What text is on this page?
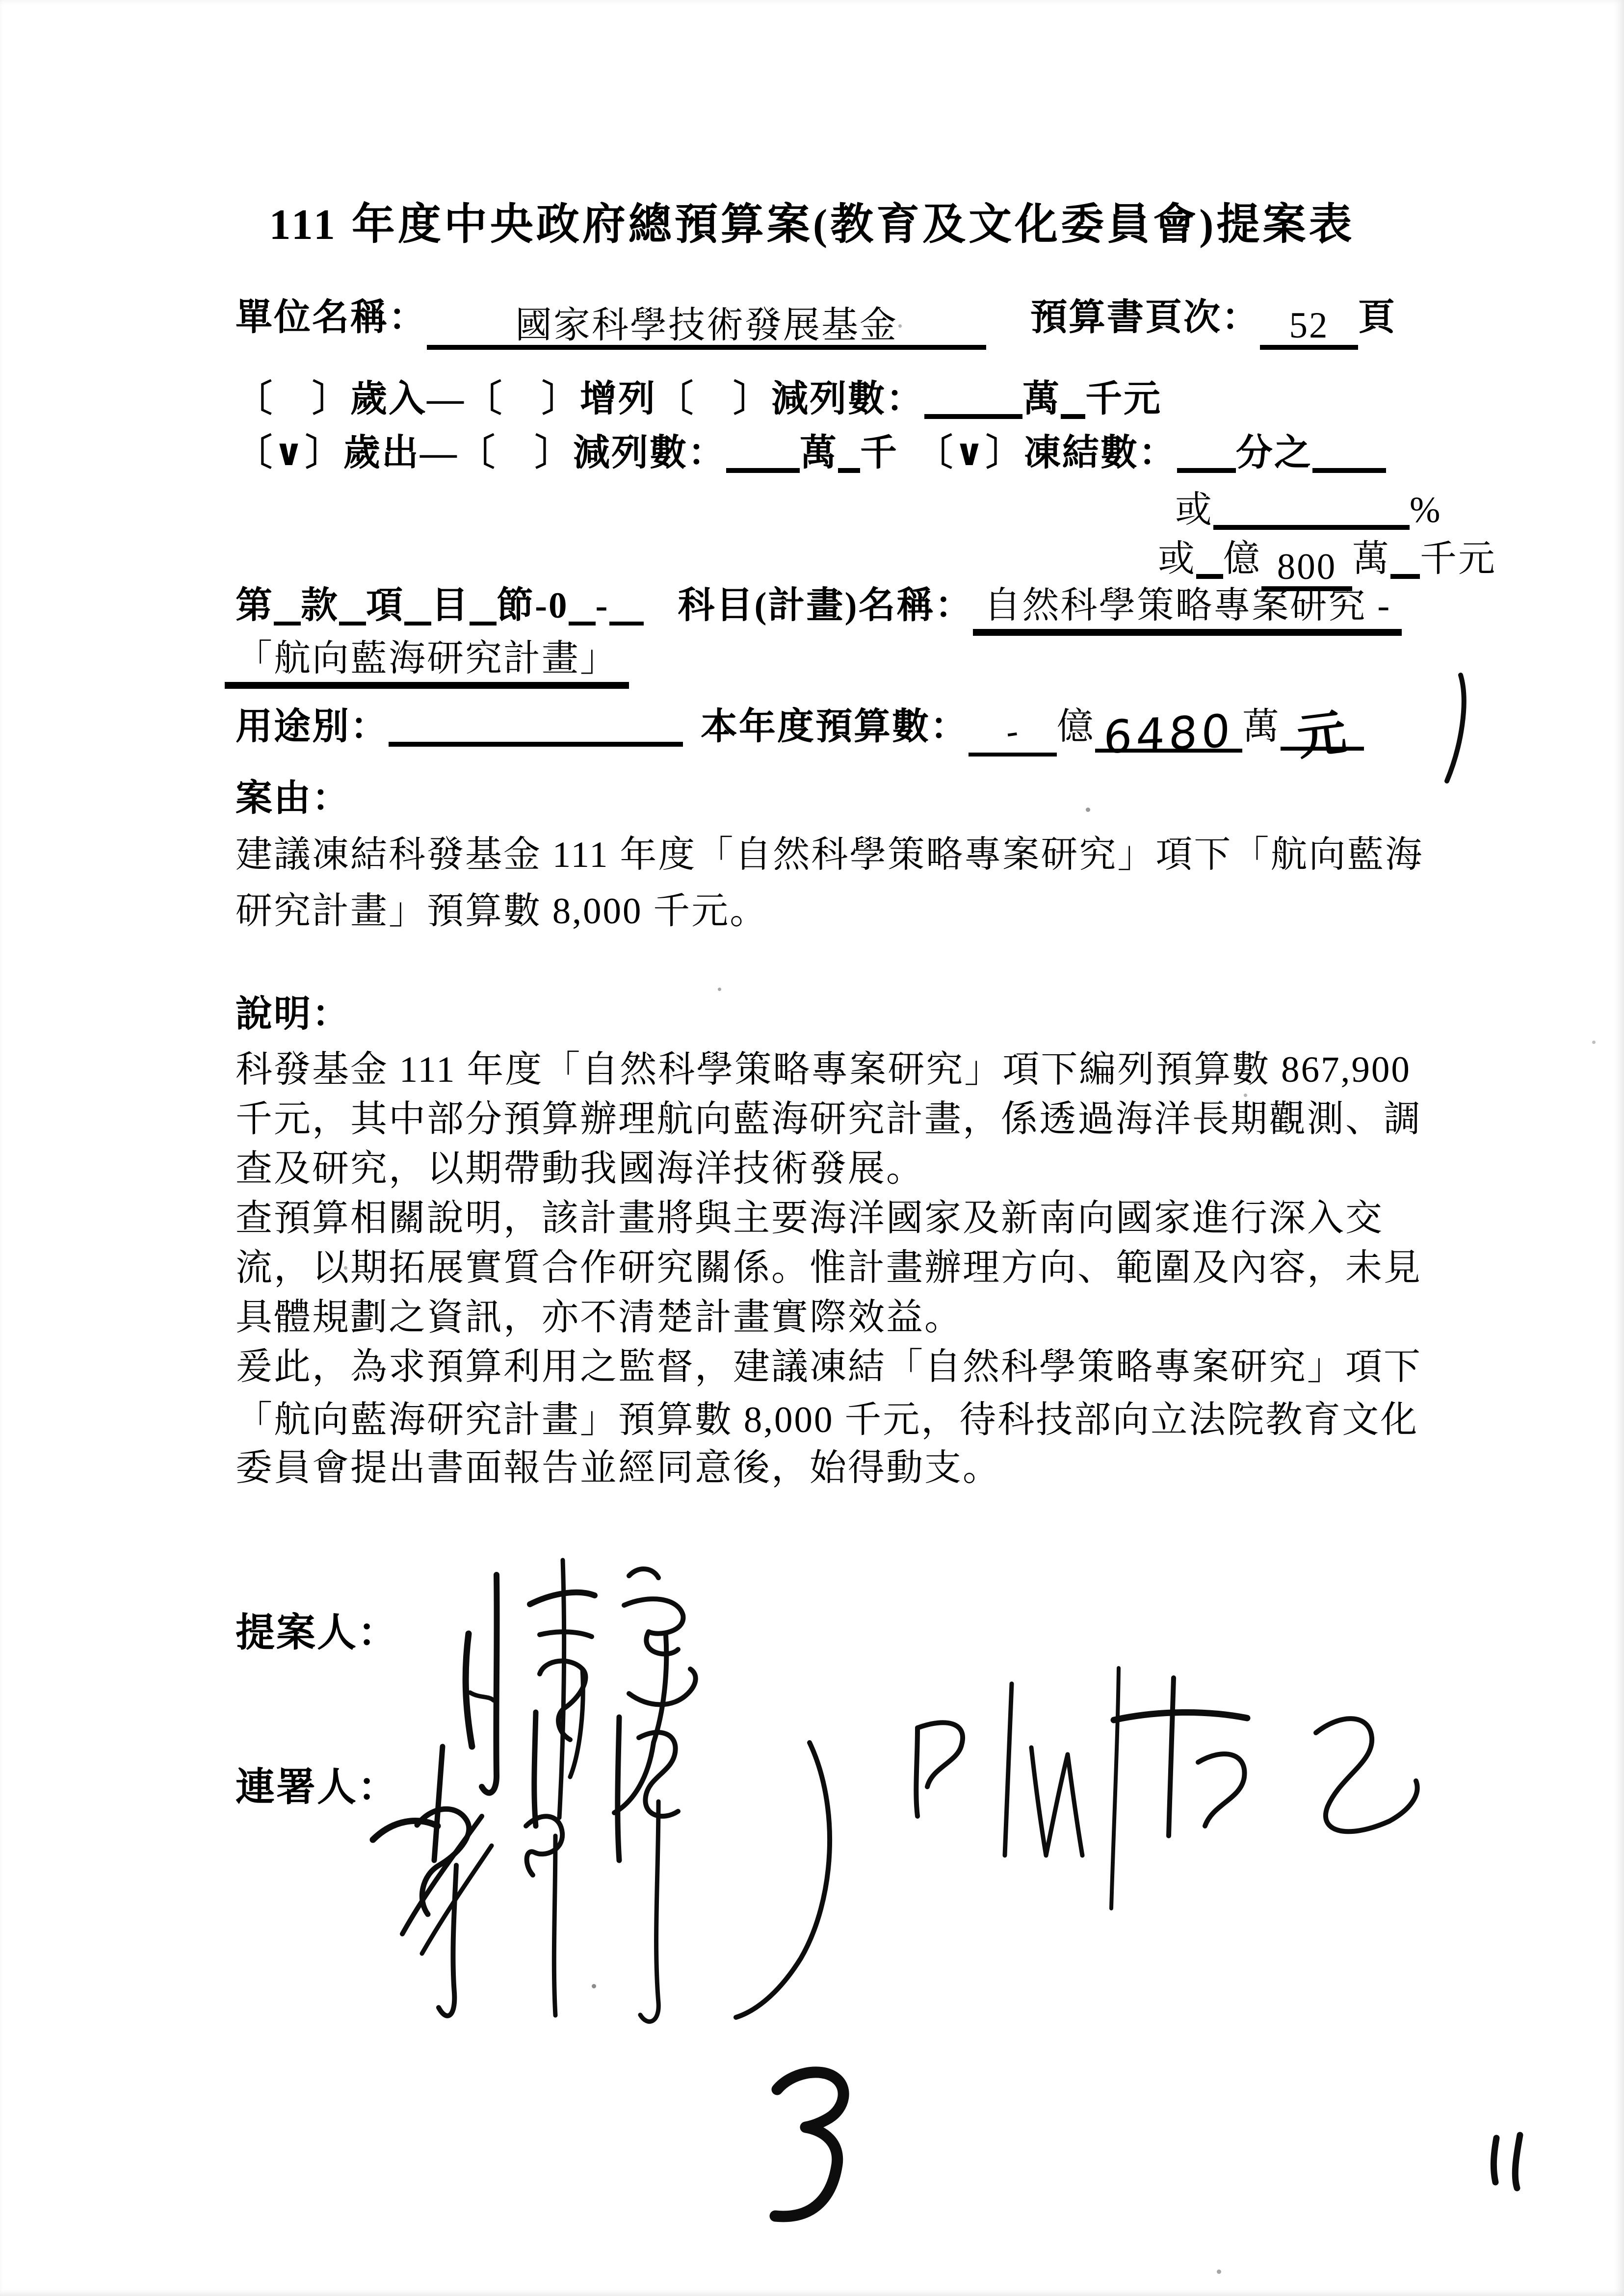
111 年度中央政府總預算案(教育及文化委員會)提案表
單位名稱： 國家科學技術發展基金	預算書頁次： 52 頁
〔　〕歲入—〔　〕增列〔　〕減列數：	萬 千元
〔∨〕歲出—〔　〕減列數： 萬 千 〔∨〕凍結數： 分之
或	%
或 億 800 萬 千元
第 款 項 目 節-0 - 科目(計畫)名稱： 自然科學策略專案研究 -
「航向藍海研究計畫」
用途別：	本年度預算數： - 億 6480 萬 元
案由：
建議凍結科發基金 111 年度「自然科學策略專案研究」項下「航向藍海
研究計畫」預算數 8,000 千元。
說明：
科發基金 111 年度「自然科學策略專案研究」項下編列預算數 867,900
千元，其中部分預算辦理航向藍海研究計畫，係透過海洋長期觀測、調
查及研究，以期帶動我國海洋技術發展。
查預算相關說明，該計畫將與主要海洋國家及新南向國家進行深入交
流，以期拓展實質合作研究關係。惟計畫辦理方向、範圍及內容，未見
具體規劃之資訊，亦不清楚計畫實際效益。
爰此，為求預算利用之監督，建議凍結「自然科學策略專案研究」項下
「航向藍海研究計畫」預算數 8,000 千元，待科技部向立法院教育文化
委員會提出書面報告並經同意後，始得動支。
提案人：
連署人：
